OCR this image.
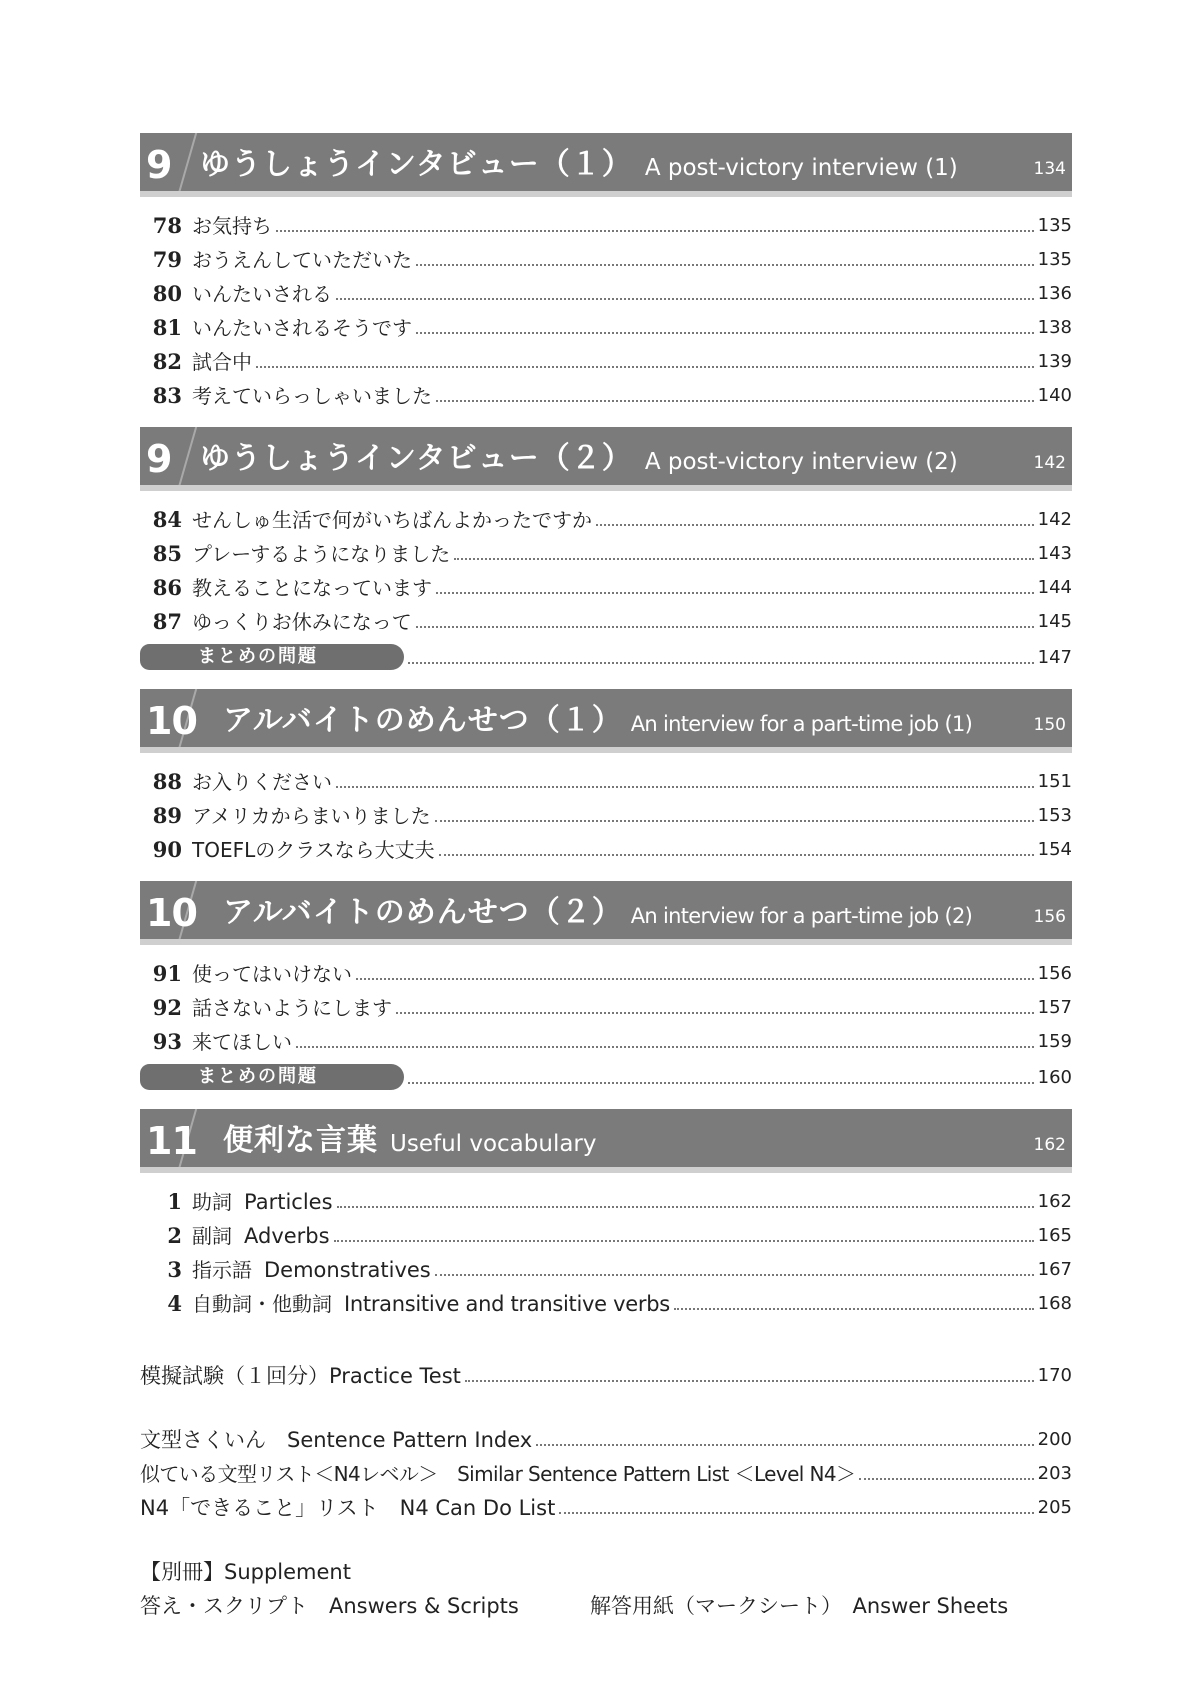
9 ゆうしょうインタビュー（１） A post-victory interview (1)	134
78 お気持ち	135
79 おうえんしていただいた	135
80 いんたいされる	136
81 いんたいされるそうです	138
82 試合中	139
83 考えていらっしゃいました	140
9 ゆうしょうインタビュー（２） A post-victory interview (2)	142
84 せんしゅ生活で何がいちばんよかったですか	142
85 プレーするようになりました	143
86 教えることになっています	144
87 ゆっくりお休みになって	145
まとめの問題	147
10 アルバイトのめんせつ（１） An interview for a part-time job (1)	150
88 お入りください	151
89 アメリカからまいりました	153
90 TOEFLのクラスなら大丈夫	154
10 アルバイトのめんせつ（２） An interview for a part-time job (2)	156
91 使ってはいけない	156
92 話さないようにします	157
93 来てほしい	159
まとめの問題	160
11 便利な言葉 Useful vocabulary	162
1 助詞 Particles	162
2 副詞 Adverbs	165
3 指示語 Demonstratives	167
4 自動詞・他動詞 Intransitive and transitive verbs	168
模擬試験（１回分）Practice Test	170
文型さくいん　Sentence Pattern Index	200
似ている文型リスト＜N4レベル＞　Similar Sentence Pattern List ＜Level N4＞	203
N4「できること」リスト　N4 Can Do List	205
【別冊】Supplement
答え・スクリプト　Answers & Scripts	解答用紙（マークシート）　Answer Sheets
